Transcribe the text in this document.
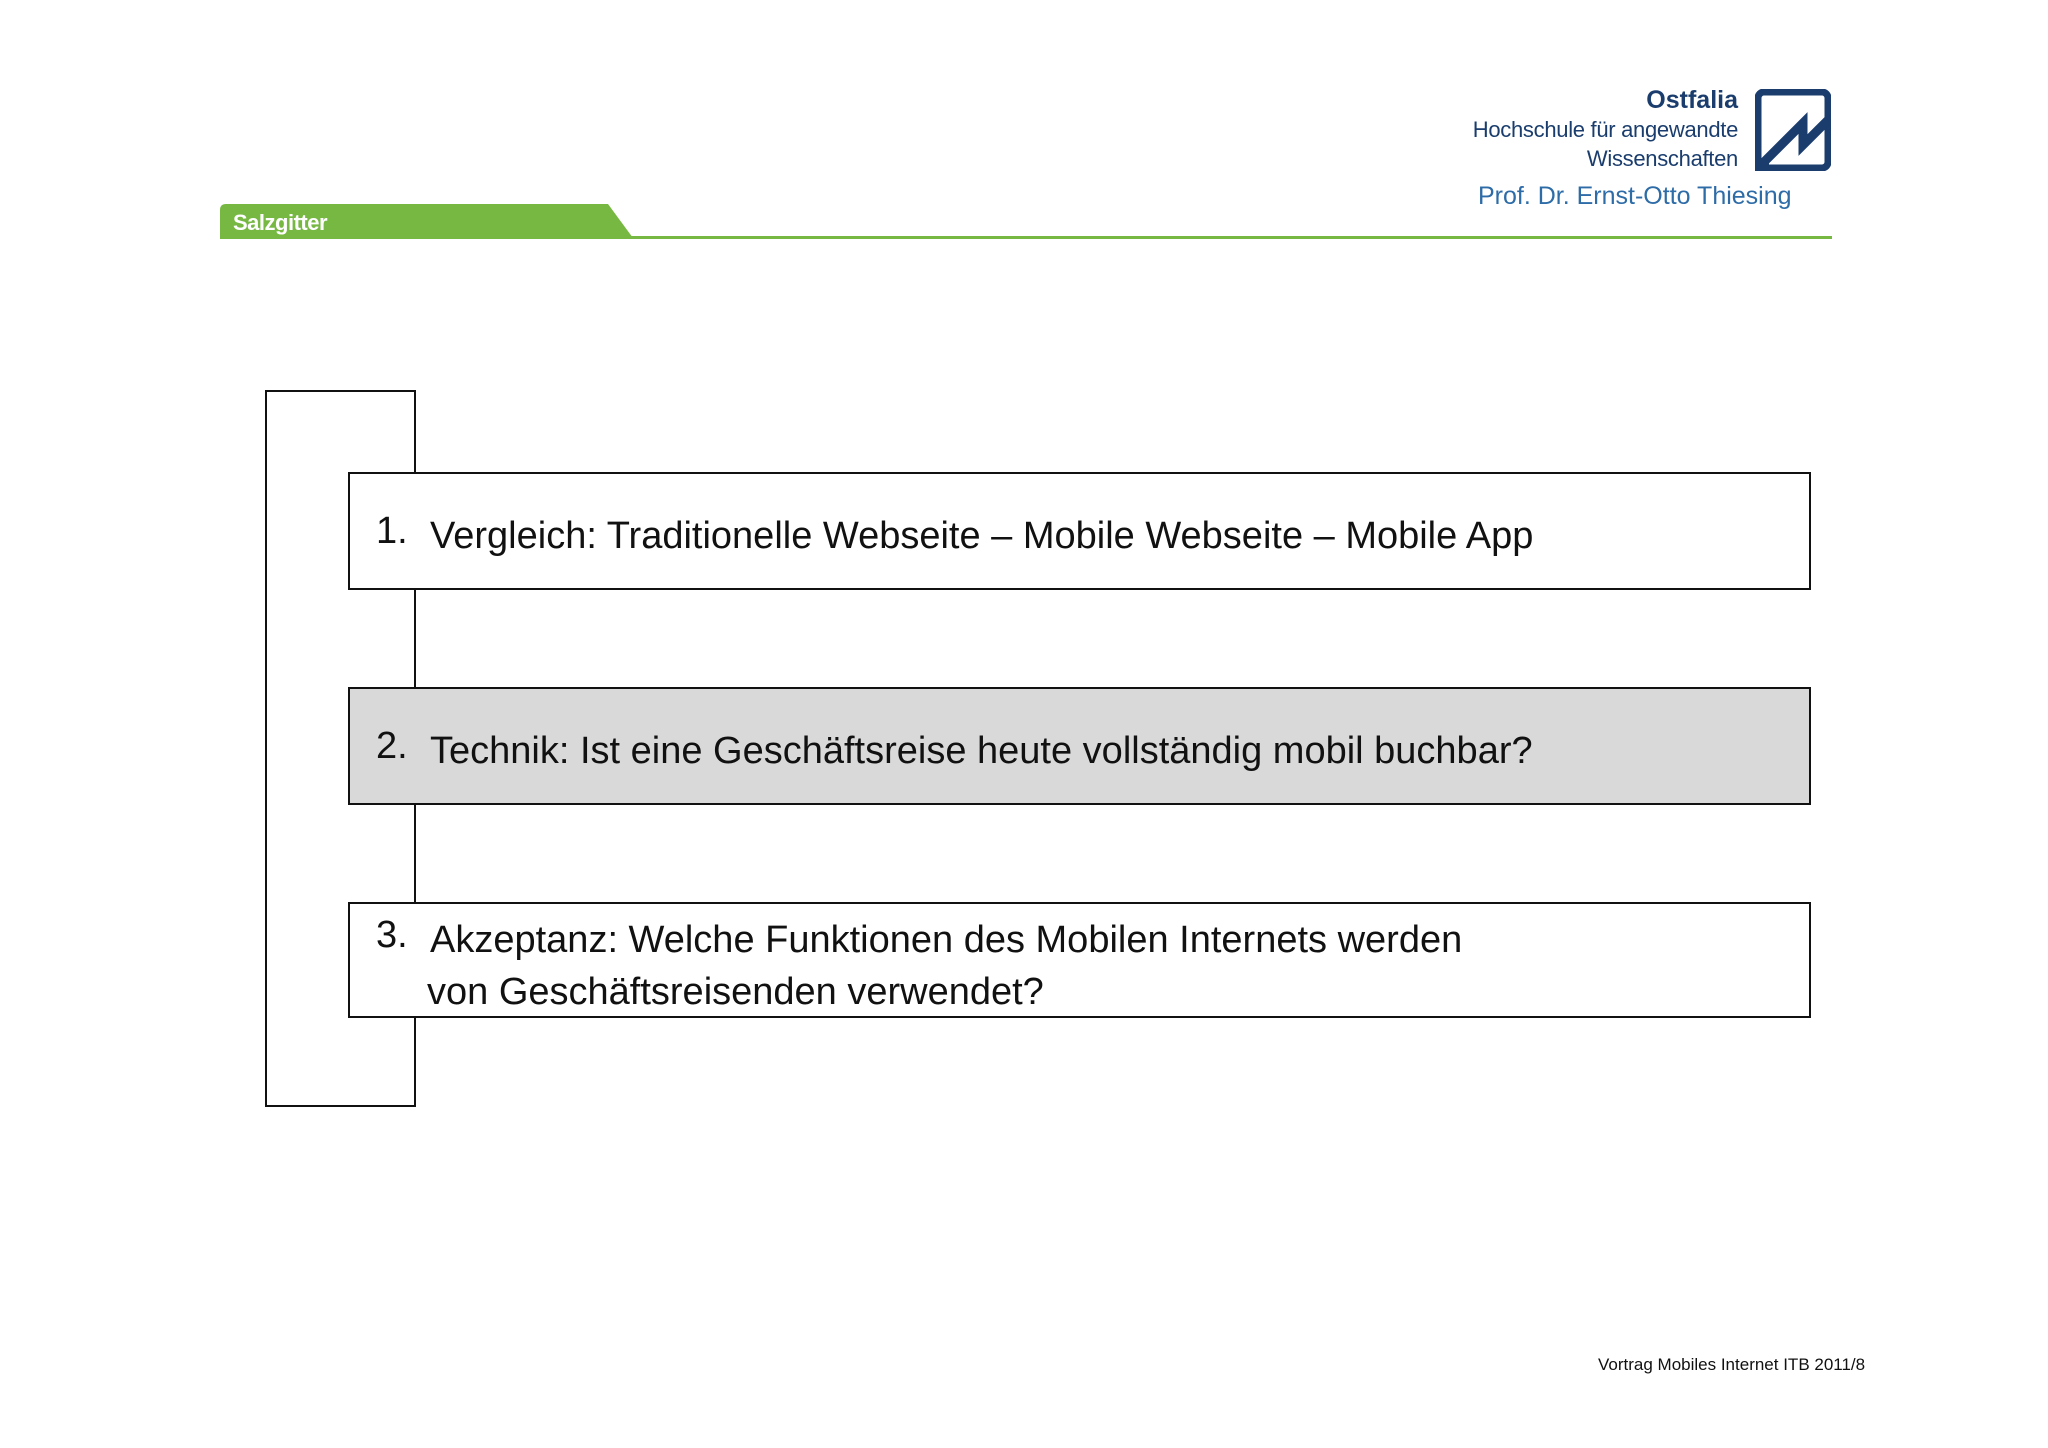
Salzgitter
Ostfalia
Hochschule für angewandte
Wissenschaften
Prof. Dr. Ernst-Otto Thiesing
1. Vergleich: Traditionelle Webseite – Mobile Webseite – Mobile App
2. Technik: Ist eine Geschäftsreise heute vollständig mobil buchbar?
3. Akzeptanz: Welche Funktionen des Mobilen Internets werden
von Geschäftsreisenden verwendet?
Vortrag Mobiles Internet ITB 2011/8
